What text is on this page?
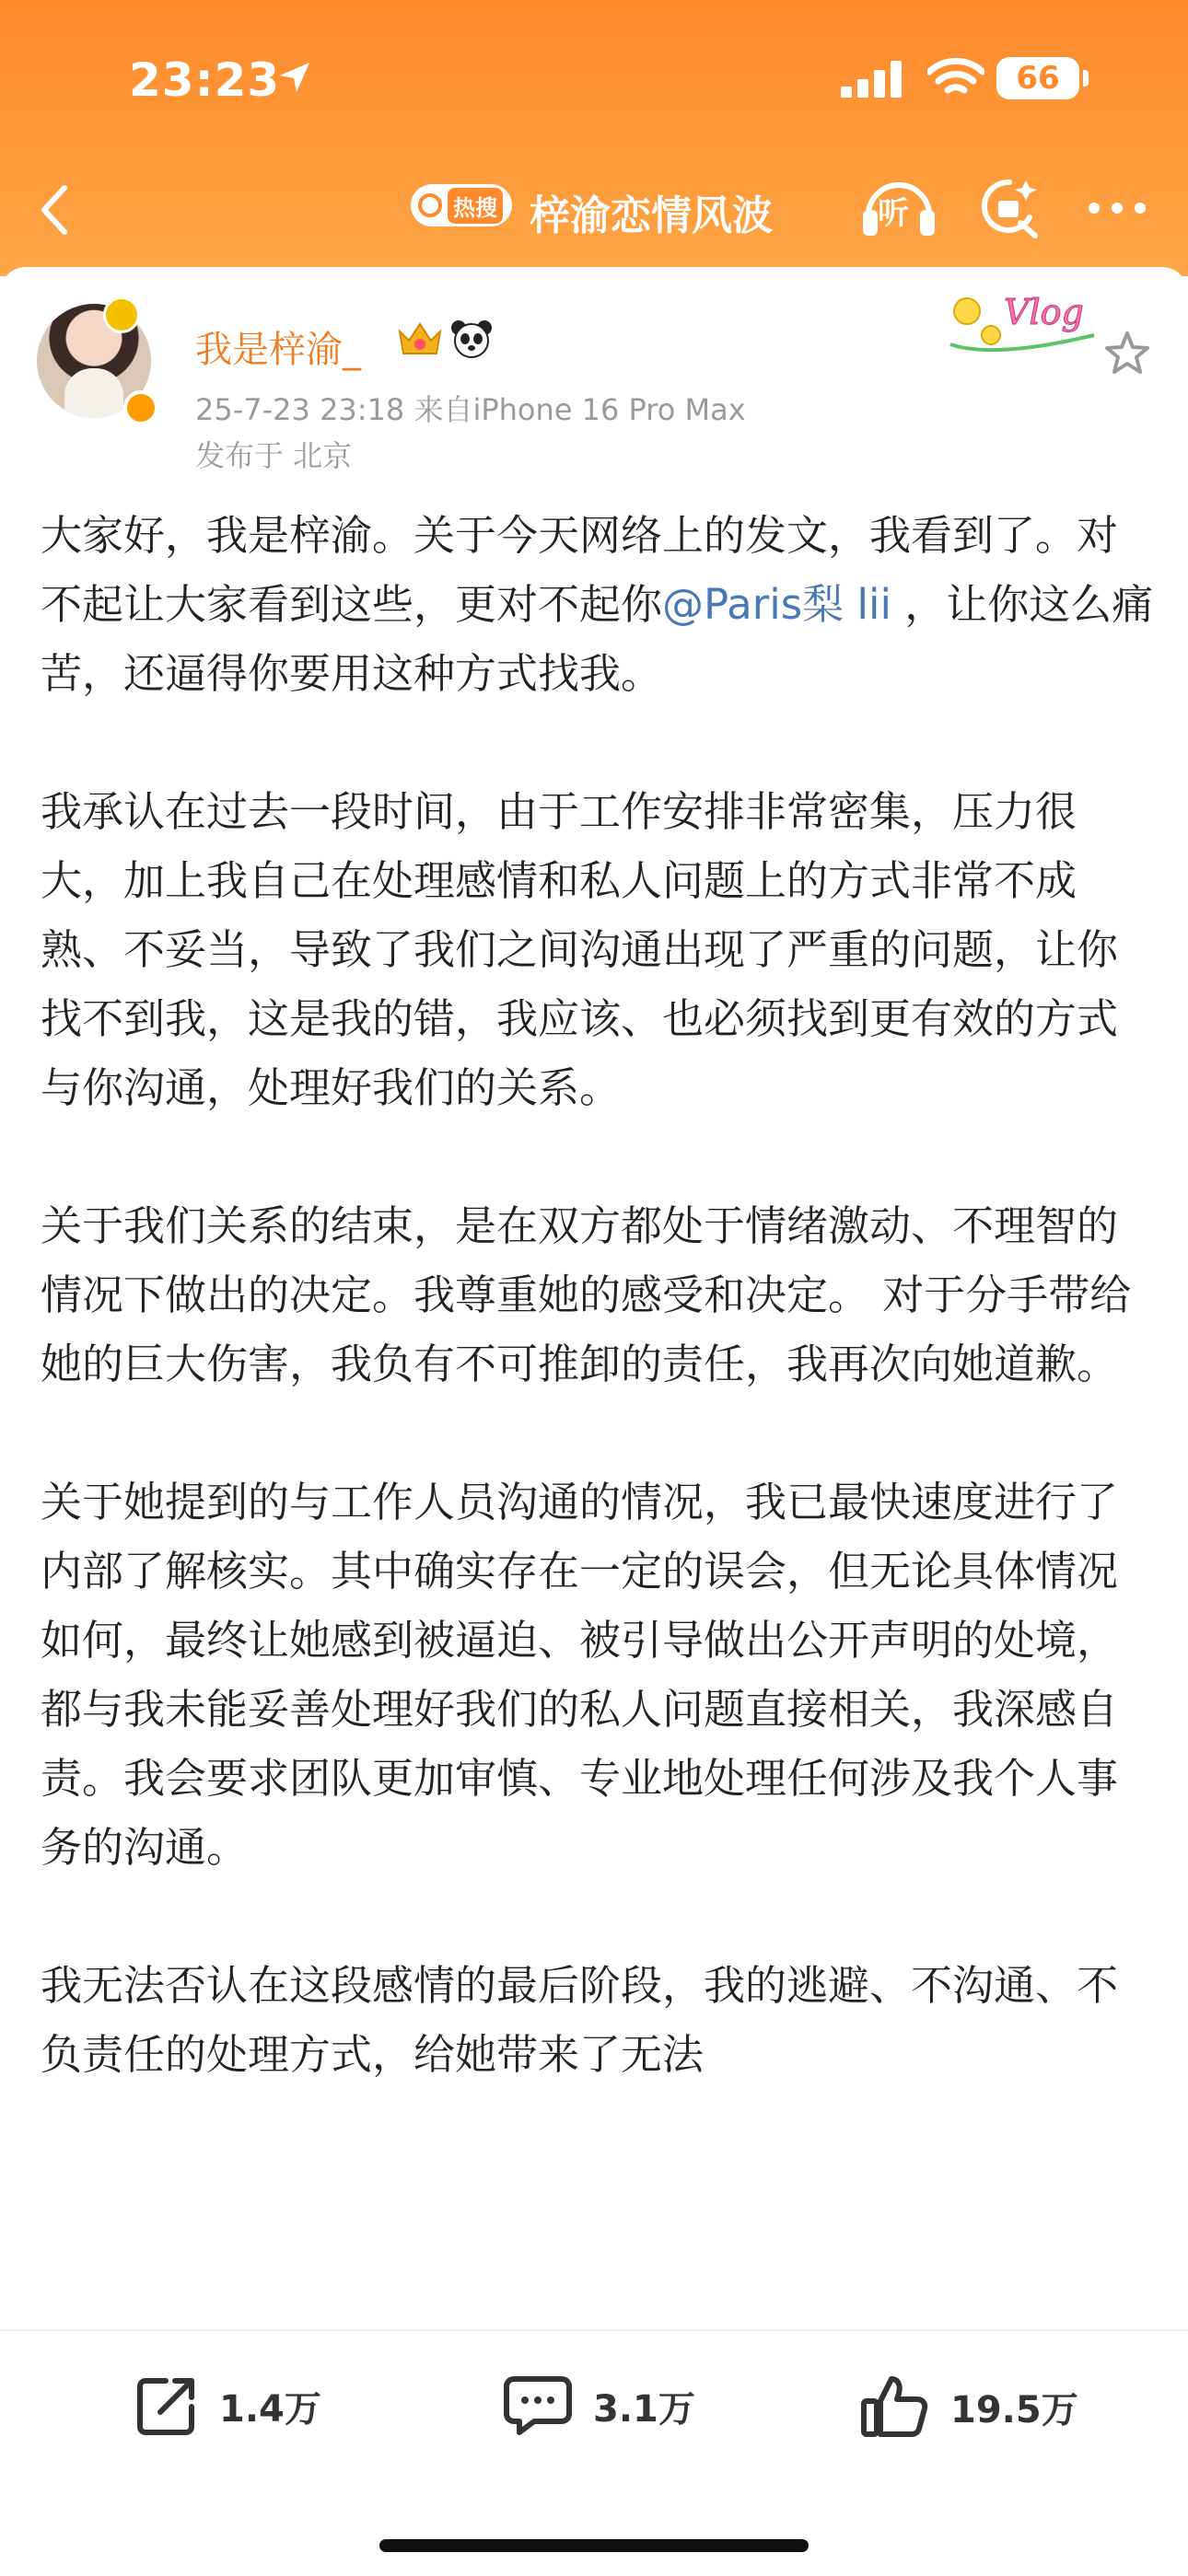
23:23	66
热搜 梓渝恋情风波	听
我是梓渝_
25-7-23 23:18 来自iPhone 16 Pro Max
发布于 北京
Vlog

大家好，我是梓渝。关于今天网络上的发文，我看到了。对不起让大家看到这些，更对不起你@Paris梨 lii ，让你这么痛苦，还逼得你要用这种方式找我。

我承认在过去一段时间，由于工作安排非常密集，压力很大，加上我自己在处理感情和私人问题上的方式非常不成熟、不妥当，导致了我们之间沟通出现了严重的问题，让你找不到我，这是我的错，我应该、也必须找到更有效的方式与你沟通，处理好我们的关系。

关于我们关系的结束，是在双方都处于情绪激动、不理智的情况下做出的决定。我尊重她的感受和决定。 对于分手带给她的巨大伤害，我负有不可推卸的责任，我再次向她道歉。

关于她提到的与工作人员沟通的情况，我已最快速度进行了内部了解核实。其中确实存在一定的误会，但无论具体情况如何，最终让她感到被逼迫、被引导做出公开声明的处境，都与我未能妥善处理好我们的私人问题直接相关，我深感自责。我会要求团队更加审慎、专业地处理任何涉及我个人事务的沟通。

我无法否认在这段感情的最后阶段，我的逃避、不沟通、不负责任的处理方式，给她带来了无法

1.4万	3.1万	19.5万
